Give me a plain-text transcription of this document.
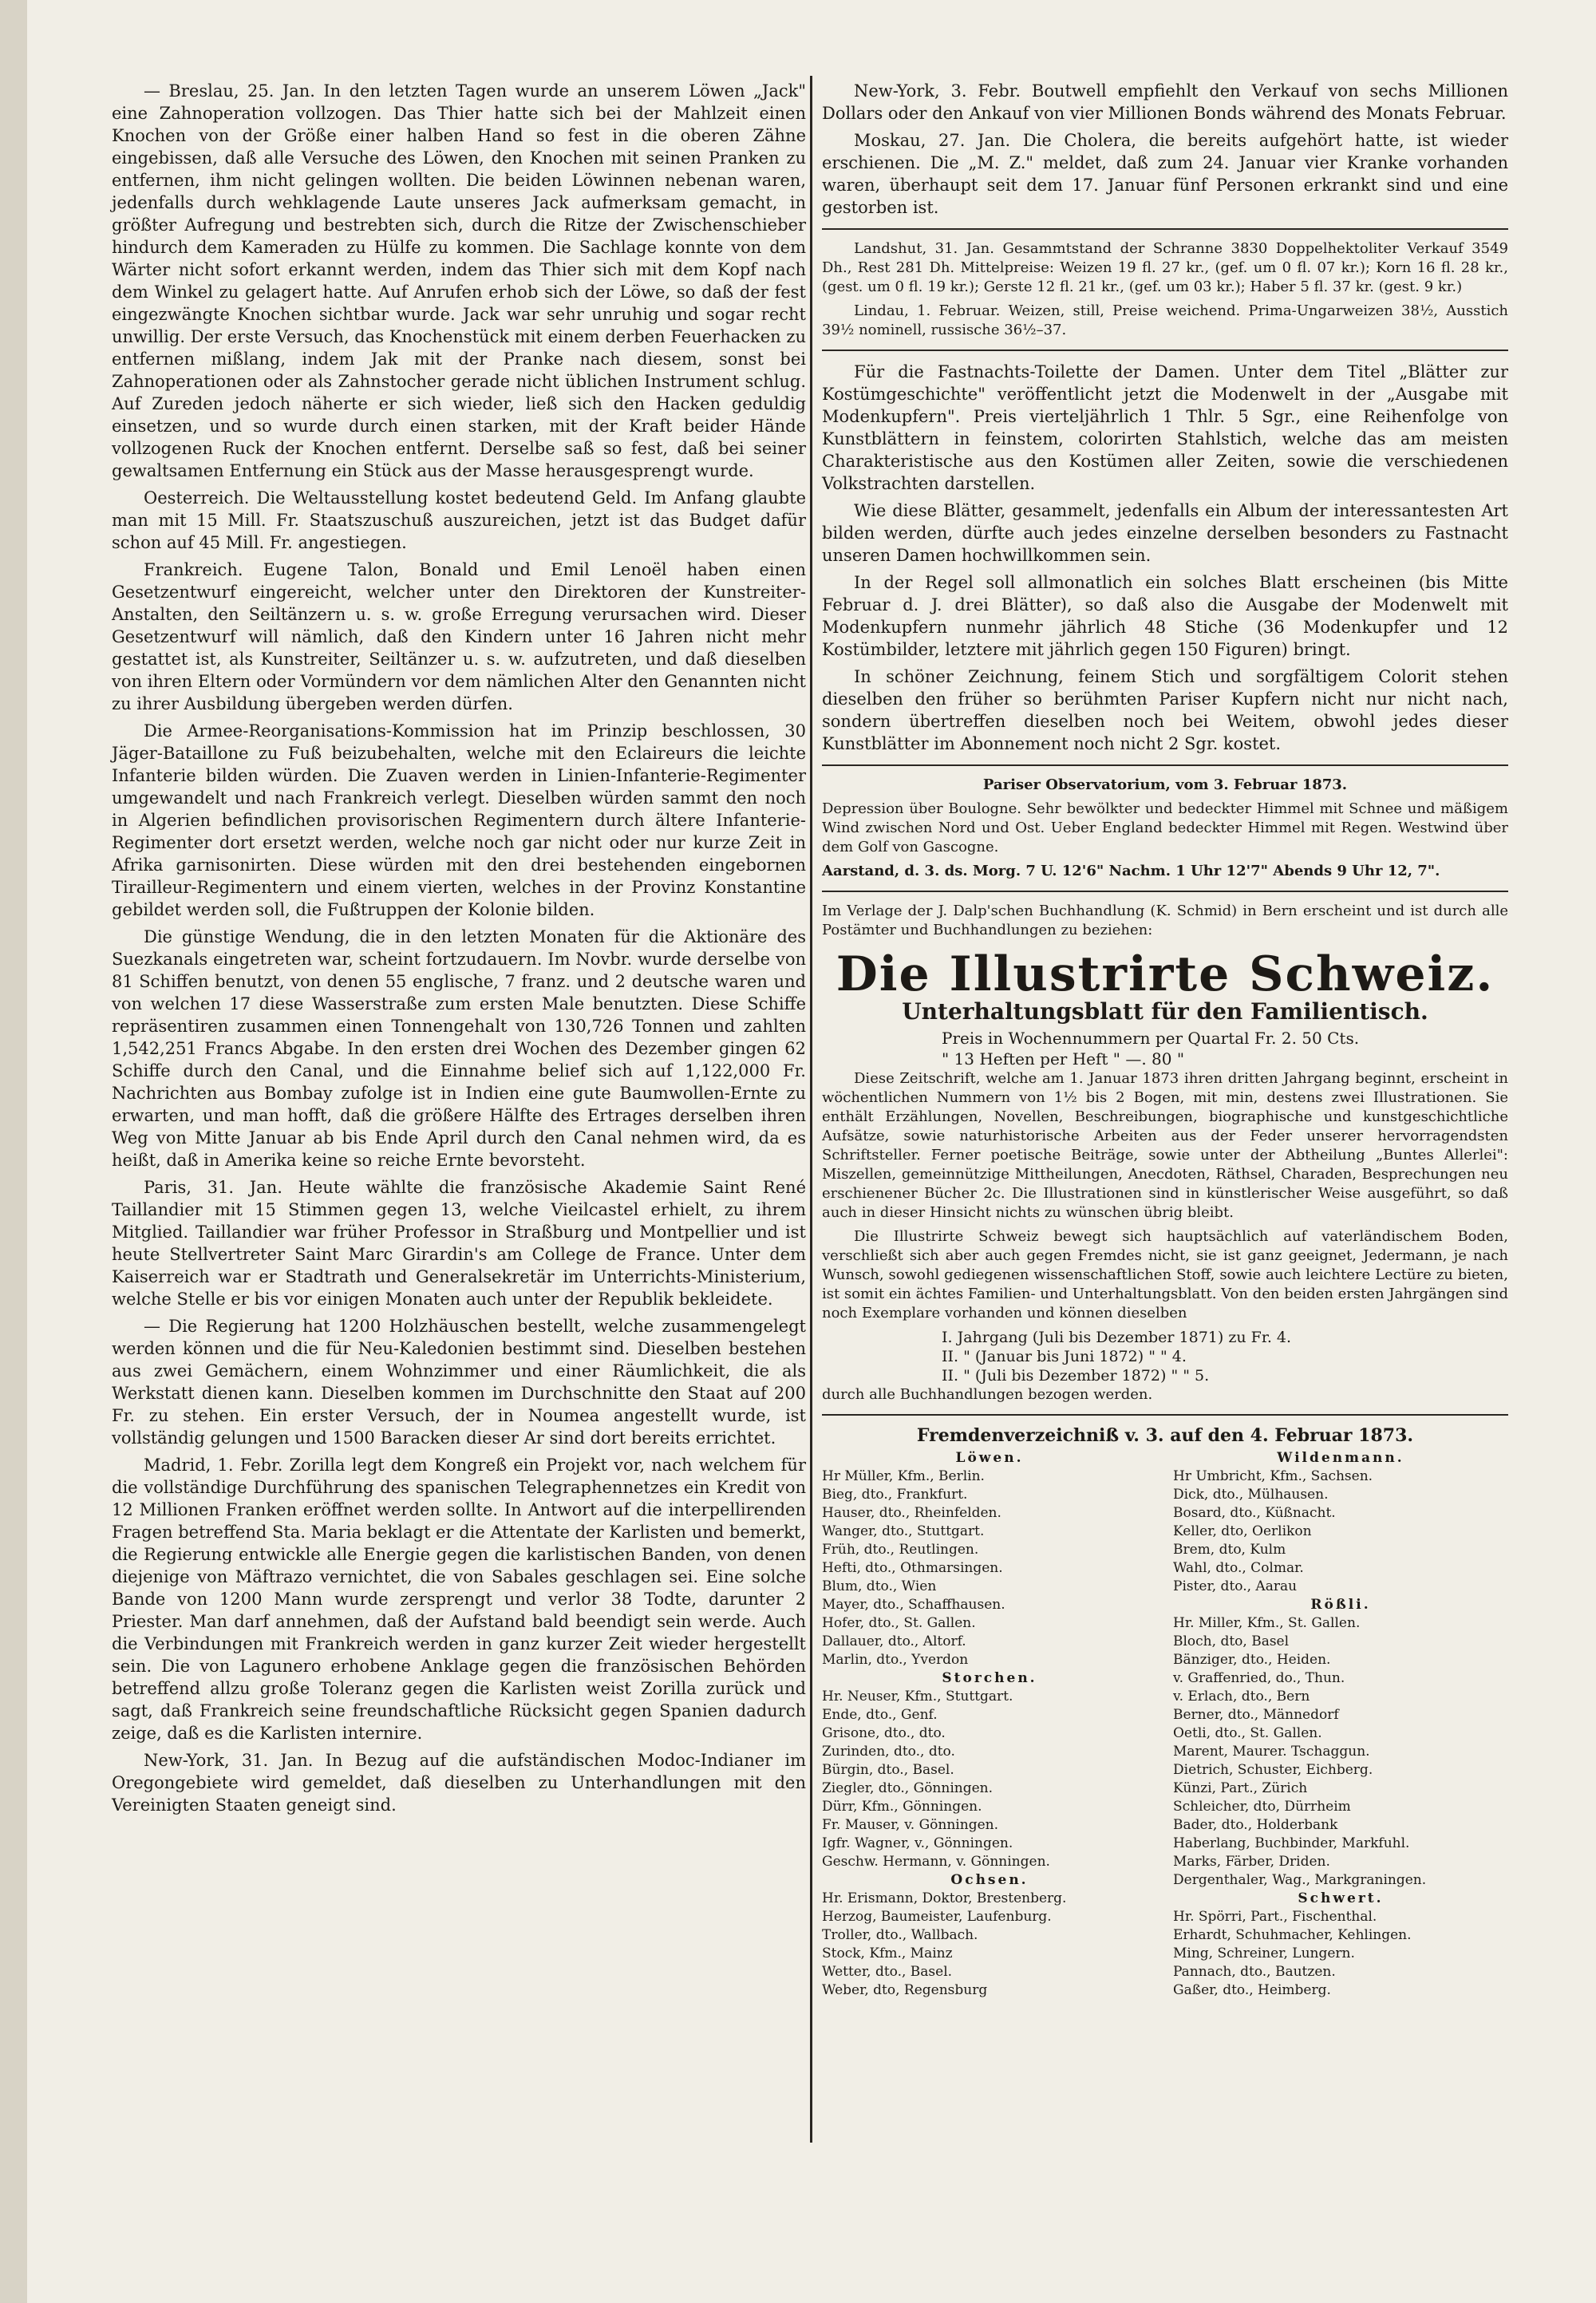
— Breslau, 25. Jan. In den letzten Tagen wurde an unserem Löwen „Jack" eine Zahnoperation vollzogen. Das Thier hatte sich bei der Mahlzeit einen Knochen von der Größe einer halben Hand so fest in die oberen Zähne eingebissen, daß alle Versuche des Löwen, den Knochen mit seinen Pranken zu entfernen, ihm nicht gelingen wollten. Die beiden Löwinnen nebenan waren, jedenfalls durch wehklagende Laute unseres Jack aufmerksam gemacht, in größter Aufregung und bestrebten sich, durch die Ritze der Zwischenschieber hindurch dem Kameraden zu Hülfe zu kommen. Die Sachlage konnte von dem Wärter nicht sofort erkannt werden, indem das Thier sich mit dem Kopf nach dem Winkel zu gelagert hatte. Auf Anrufen erhob sich der Löwe, so daß der fest eingezwängte Knochen sichtbar wurde. Jack war sehr unruhig und sogar recht unwillig. Der erste Versuch, das Knochenstück mit einem derben Feuerhacken zu entfernen mißlang, indem Jak mit der Pranke nach diesem, sonst bei Zahnoperationen oder als Zahnstocher gerade nicht üblichen Instrument schlug. Auf Zureden jedoch näherte er sich wieder, ließ sich den Hacken geduldig einsetzen, und so wurde durch einen starken, mit der Kraft beider Hände vollzogenen Ruck der Knochen entfernt. Derselbe saß so fest, daß bei seiner gewaltsamen Entfernung ein Stück aus der Masse herausgesprengt wurde.

Oesterreich. Die Weltausstellung kostet bedeutend Geld. Im Anfang glaubte man mit 15 Mill. Fr. Staatszuschuß auszureichen, jetzt ist das Budget dafür schon auf 45 Mill. Fr. angestiegen.

Frankreich. Eugene Talon, Bonald und Emil Lenoël haben einen Gesetzentwurf eingereicht, welcher unter den Direktoren der Kunstreiter-Anstalten, den Seiltänzern u. s. w. große Erregung verursachen wird. Dieser Gesetzentwurf will nämlich, daß den Kindern unter 16 Jahren nicht mehr gestattet ist, als Kunstreiter, Seiltänzer u. s. w. aufzutreten, und daß dieselben von ihren Eltern oder Vormündern vor dem nämlichen Alter den Genannten nicht zu ihrer Ausbildung übergeben werden dürfen.

Die Armee-Reorganisations-Kommission hat im Prinzip beschlossen, 30 Jäger-Bataillone zu Fuß beizubehalten, welche mit den Eclaireurs die leichte Infanterie bilden würden. Die Zuaven werden in Linien-Infanterie-Regimenter umgewandelt und nach Frankreich verlegt. Dieselben würden sammt den noch in Algerien befindlichen provisorischen Regimentern durch ältere Infanterie-Regimenter dort ersetzt werden, welche noch gar nicht oder nur kurze Zeit in Afrika garnisonirten. Diese würden mit den drei bestehenden eingebornen Tirailleur-Regimentern und einem vierten, welches in der Provinz Konstantine gebildet werden soll, die Fußtruppen der Kolonie bilden.

Die günstige Wendung, die in den letzten Monaten für die Aktionäre des Suezkanals eingetreten war, scheint fortzudauern. Im Novbr. wurde derselbe von 81 Schiffen benutzt, von denen 55 englische, 7 franz. und 2 deutsche waren und von welchen 17 diese Wasserstraße zum ersten Male benutzten. Diese Schiffe repräsentiren zusammen einen Tonnengehalt von 130,726 Tonnen und zahlten 1,542,251 Francs Abgabe. In den ersten drei Wochen des Dezember gingen 62 Schiffe durch den Canal, und die Einnahme belief sich auf 1,122,000 Fr. Nachrichten aus Bombay zufolge ist in Indien eine gute Baumwollen-Ernte zu erwarten, und man hofft, daß die größere Hälfte des Ertrages derselben ihren Weg von Mitte Januar ab bis Ende April durch den Canal nehmen wird, da es heißt, daß in Amerika keine so reiche Ernte bevorsteht.

Paris, 31. Jan. Heute wählte die französische Akademie Saint René Taillandier mit 15 Stimmen gegen 13, welche Vieilcastel erhielt, zu ihrem Mitglied. Taillandier war früher Professor in Straßburg und Montpellier und ist heute Stellvertreter Saint Marc Girardin's am College de France. Unter dem Kaiserreich war er Stadtrath und Generalsekretär im Unterrichts-Ministerium, welche Stelle er bis vor einigen Monaten auch unter der Republik bekleidete.

— Die Regierung hat 1200 Holzhäuschen bestellt, welche zusammengelegt werden können und die für Neu-Kaledonien bestimmt sind. Dieselben bestehen aus zwei Gemächern, einem Wohnzimmer und einer Räumlichkeit, die als Werkstatt dienen kann. Dieselben kommen im Durchschnitte den Staat auf 200 Fr. zu stehen. Ein erster Versuch, der in Noumea angestellt wurde, ist vollständig gelungen und 1500 Baracken dieser Ar sind dort bereits errichtet.

Madrid, 1. Febr. Zorilla legt dem Kongreß ein Projekt vor, nach welchem für die vollständige Durchführung des spanischen Telegraphennetzes ein Kredit von 12 Millionen Franken eröffnet werden sollte. In Antwort auf die interpellirenden Fragen betreffend Sta. Maria beklagt er die Attentate der Karlisten und bemerkt, die Regierung entwickle alle Energie gegen die karlistischen Banden, von denen diejenige von Mäftrazo vernichtet, die von Sabales geschlagen sei. Eine solche Bande von 1200 Mann wurde zersprengt und verlor 38 Todte, darunter 2 Priester. Man darf annehmen, daß der Aufstand bald beendigt sein werde. Auch die Verbindungen mit Frankreich werden in ganz kurzer Zeit wieder hergestellt sein. Die von Lagunero erhobene Anklage gegen die französischen Behörden betreffend allzu große Toleranz gegen die Karlisten weist Zorilla zurück und sagt, daß Frankreich seine freundschaftliche Rücksicht gegen Spanien dadurch zeige, daß es die Karlisten internire.

New-York, 31. Jan. In Bezug auf die aufständischen Modoc-Indianer im Oregongebiete wird gemeldet, daß dieselben zu Unterhandlungen mit den Vereinigten Staaten geneigt sind.

New-York, 3. Febr. Boutwell empfiehlt den Verkauf von sechs Millionen Dollars oder den Ankauf von vier Millionen Bonds während des Monats Februar.

Moskau, 27. Jan. Die Cholera, die bereits aufgehört hatte, ist wieder erschienen. Die „M. Z." meldet, daß zum 24. Januar vier Kranke vorhanden waren, überhaupt seit dem 17. Januar fünf Personen erkrankt sind und eine gestorben ist.

Landshut, 31. Jan. Gesammtstand der Schranne 3830 Doppelhektoliter Verkauf 3549 Dh., Rest 281 Dh. Mittelpreise: Weizen 19 fl. 27 kr., (gef. um 0 fl. 07 kr.); Korn 16 fl. 28 kr., (gest. um 0 fl. 19 kr.); Gerste 12 fl. 21 kr., (gef. um 03 kr.); Haber 5 fl. 37 kr. (gest. 9 kr.)

Lindau, 1. Februar. Weizen, still, Preise weichend. Prima-Ungarweizen 38½, Ausstich 39½ nominell, russische 36½–37.

Für die Fastnachts-Toilette der Damen. Unter dem Titel „Blätter zur Kostümgeschichte" veröffentlicht jetzt die Modenwelt in der „Ausgabe mit Modenkupfern". Preis vierteljährlich 1 Thlr. 5 Sgr., eine Reihenfolge von Kunstblättern in feinstem, colorirten Stahlstich, welche das am meisten Charakteristische aus den Kostümen aller Zeiten, sowie die verschiedenen Volkstrachten darstellen.

Wie diese Blätter, gesammelt, jedenfalls ein Album der interessantesten Art bilden werden, dürfte auch jedes einzelne derselben besonders zu Fastnacht unseren Damen hochwillkommen sein.

In der Regel soll allmonatlich ein solches Blatt erscheinen (bis Mitte Februar d. J. drei Blätter), so daß also die Ausgabe der Modenwelt mit Modenkupfern nunmehr jährlich 48 Stiche (36 Modenkupfer und 12 Kostümbilder, letztere mit jährlich gegen 150 Figuren) bringt.

In schöner Zeichnung, feinem Stich und sorgfältigem Colorit stehen dieselben den früher so berühmten Pariser Kupfern nicht nur nicht nach, sondern übertreffen dieselben noch bei Weitem, obwohl jedes dieser Kunstblätter im Abonnement noch nicht 2 Sgr. kostet.

Pariser Observatorium, vom 3. Februar 1873.

Depression über Boulogne. Sehr bewölkter und bedeckter Himmel mit Schnee und mäßigem Wind zwischen Nord und Ost. Ueber England bedeckter Himmel mit Regen. Westwind über dem Golf von Gascogne.

Aarstand, d. 3. ds. Morg. 7 U. 12'6" Nachm. 1 Uhr 12'7" Abends 9 Uhr 12, 7".

Im Verlage der J. Dalp'schen Buchhandlung (K. Schmid) in Bern erscheint und ist durch alle Postämter und Buchhandlungen zu beziehen:

Die Illustrirte Schweiz.
Unterhaltungsblatt für den Familientisch.
Preis in Wochennummern per Quartal Fr. 2. 50 Cts.
" 13 Heften per Heft " —. 80 "

Diese Zeitschrift, welche am 1. Januar 1873 ihren dritten Jahrgang beginnt, erscheint in wöchentlichen Nummern von 1½ bis 2 Bogen, mit min, destens zwei Illustrationen. Sie enthält Erzählungen, Novellen, Beschreibungen, biographische und kunstgeschichtliche Aufsätze, sowie naturhistorische Arbeiten aus der Feder unserer hervorragendsten Schriftsteller. Ferner poetische Beiträge, sowie unter der Abtheilung „Buntes Allerlei": Miszellen, gemeinnützige Mittheilungen, Anecdoten, Räthsel, Charaden, Besprechungen neu erschienener Bücher 2c. Die Illustrationen sind in künstlerischer Weise ausgeführt, so daß auch in dieser Hinsicht nichts zu wünschen übrig bleibt.

Die Illustrirte Schweiz bewegt sich hauptsächlich auf vaterländischem Boden, verschließt sich aber auch gegen Fremdes nicht, sie ist ganz geeignet, Jedermann, je nach Wunsch, sowohl gediegenen wissenschaftlichen Stoff, sowie auch leichtere Lectüre zu bieten, ist somit ein ächtes Familien- und Unterhaltungsblatt. Von den beiden ersten Jahrgängen sind noch Exemplare vorhanden und können dieselben

I. Jahrgang (Juli bis Dezember 1871) zu Fr. 4.
II. " (Januar bis Juni 1872) " " 4.
II. " (Juli bis Dezember 1872) " " 5.

durch alle Buchhandlungen bezogen werden.

Fremdenverzeichniß v. 3. auf den 4. Februar 1873.
Löwen.
Hr Müller, Kfm., Berlin.
Bieg, dto., Frankfurt.
Hauser, dto., Rheinfelden.
Wanger, dto., Stuttgart.
Früh, dto., Reutlingen.
Hefti, dto., Othmarsingen.
Blum, dto., Wien
Mayer, dto., Schaffhausen.
Hofer, dto., St. Gallen.
Dallauer, dto., Altorf.
Marlin, dto., Yverdon
Storchen.
Hr. Neuser, Kfm., Stuttgart.
Ende, dto., Genf.
Grisone, dto., dto.
Zurinden, dto., dto.
Bürgin, dto., Basel.
Ziegler, dto., Gönningen.
Dürr, Kfm., Gönningen.
Fr. Mauser, v. Gönningen.
Igfr. Wagner, v., Gönningen.
Geschw. Hermann, v. Gönningen.
Ochsen.
Hr. Erismann, Doktor, Brestenberg.
Herzog, Baumeister, Laufenburg.
Troller, dto., Wallbach.
Stock, Kfm., Mainz
Wetter, dto., Basel.
Weber, dto, Regensburg
Wildenmann.
Hr Umbricht, Kfm., Sachsen.
Dick, dto., Mülhausen.
Bosard, dto., Küßnacht.
Keller, dto, Oerlikon
Brem, dto, Kulm
Wahl, dto., Colmar.
Pister, dto., Aarau
Rößli.
Hr. Miller, Kfm., St. Gallen.
Bloch, dto, Basel
Bänziger, dto., Heiden.
v. Graffenried, do., Thun.
v. Erlach, dto., Bern
Berner, dto., Männedorf
Oetli, dto., St. Gallen.
Marent, Maurer. Tschaggun.
Dietrich, Schuster, Eichberg.
Künzi, Part., Zürich
Schleicher, dto, Dürrheim
Bader, dto., Holderbank
Haberlang, Buchbinder, Markfuhl.
Marks, Färber, Driden.
Dergenthaler, Wag., Markgraningen.
Schwert.
Hr. Spörri, Part., Fischenthal.
Erhardt, Schuhmacher, Kehlingen.
Ming, Schreiner, Lungern.
Pannach, dto., Bautzen.
Gaßer, dto., Heimberg.
